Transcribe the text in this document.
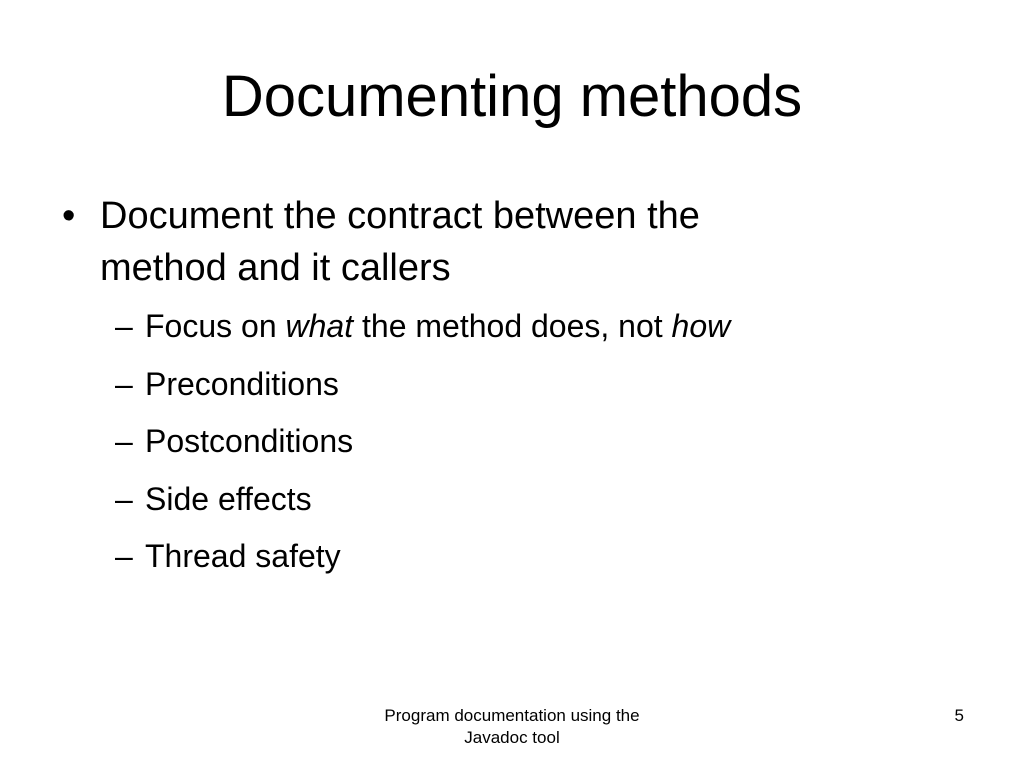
Documenting methods
• Document the contract between the
method and it callers
– Focus on what the method does, not how
– Preconditions
– Postconditions
– Side effects
– Thread safety
Program documentation using the
Javadoc tool
5
